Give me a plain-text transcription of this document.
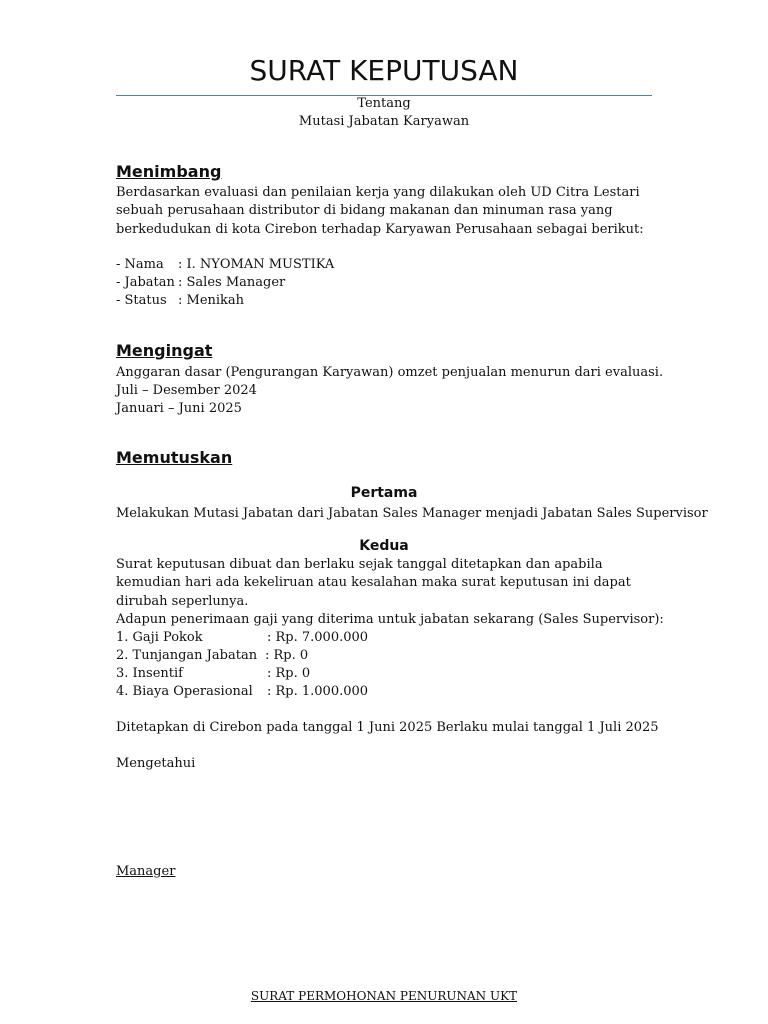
SURAT KEPUTUSAN
Tentang
Mutasi Jabatan Karyawan
Menimbang
Berdasarkan evaluasi dan penilaian kerja yang dilakukan oleh UD Citra Lestari sebuah perusahaan distributor di bidang makanan dan minuman rasa yang berkedudukan di kota Cirebon terhadap Karyawan Perusahaan sebagai berikut:
- Nama : I. NYOMAN MUSTIKA
- Jabatan : Sales Manager
- Status : Menikah
Mengingat
Anggaran dasar (Pengurangan Karyawan) omzet penjualan menurun dari evaluasi.
Juli – Desember 2024
Januari – Juni 2025
Memutuskan
Pertama
Melakukan Mutasi Jabatan dari Jabatan Sales Manager menjadi Jabatan Sales Supervisor
Kedua
Surat keputusan dibuat dan berlaku sejak tanggal ditetapkan dan apabila kemudian hari ada kekeliruan atau kesalahan maka surat keputusan ini dapat dirubah seperlunya.
Adapun penerimaan gaji yang diterima untuk jabatan sekarang (Sales Supervisor):
1. Gaji Pokok	: Rp. 7.000.000
2. Tunjangan Jabatan : Rp. 0
3. Insentif	: Rp. 0
4. Biaya Operasional : Rp. 1.000.000
Ditetapkan di Cirebon pada tanggal 1 Juni 2025 Berlaku mulai tanggal 1 Juli 2025
Mengetahui
Manager
SURAT PERMOHONAN PENURUNAN UKT
